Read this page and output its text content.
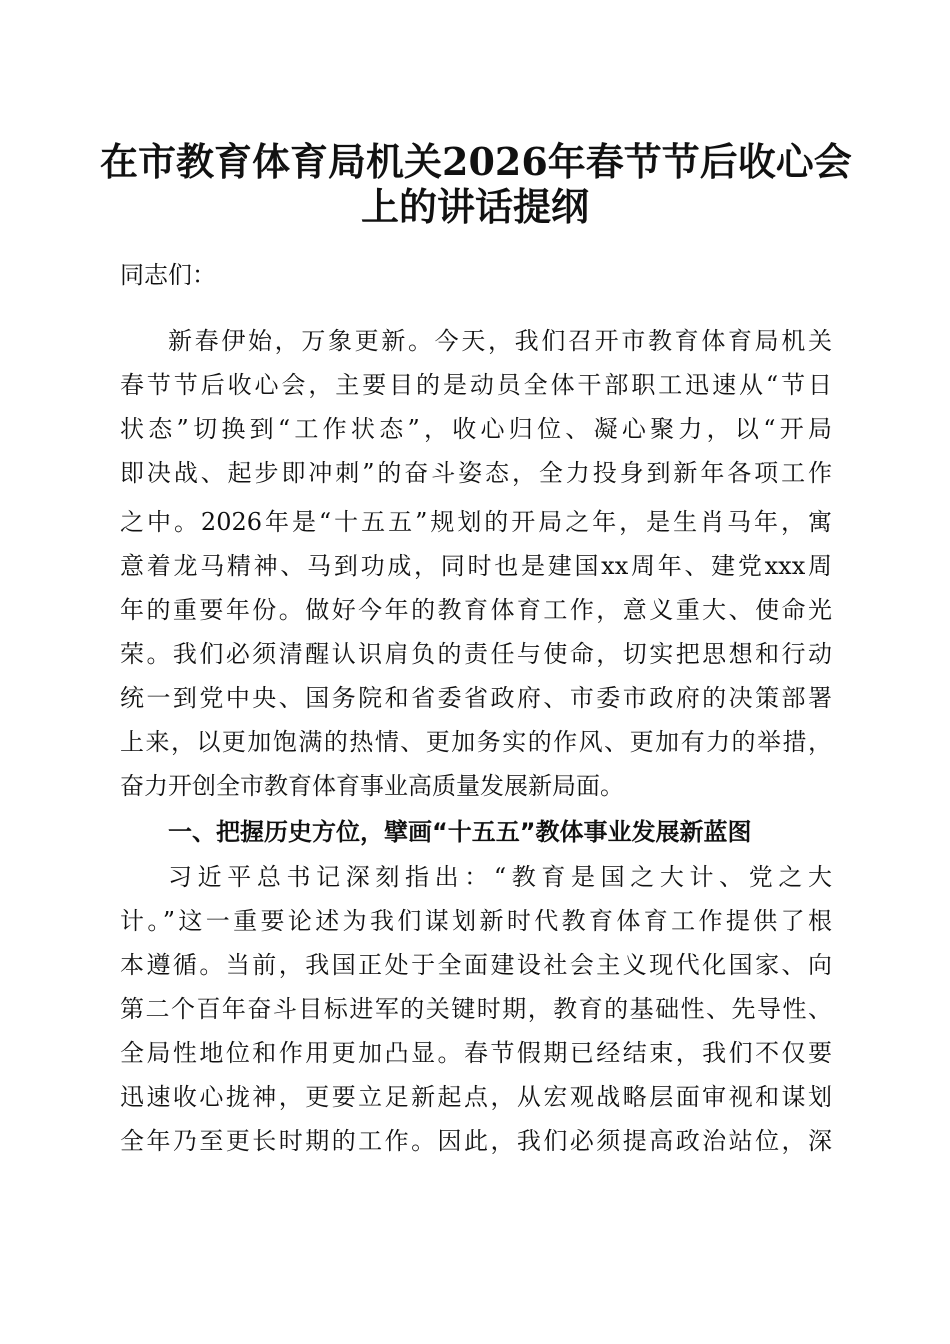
在市教育体育局机关2026年春节节后收心会
上的讲话提纲

同志们：

新春伊始，万象更新。今天，我们召开市教育体育局机关

春节节后收心会，主要目的是动员全体干部职工迅速从“节日

状态”切换到“工作状态”，收心归位、凝心聚力，以“开局

即决战、起步即冲刺”的奋斗姿态，全力投身到新年各项工作

之中。2026年是“十五五”规划的开局之年，是生肖马年，寓

意着龙马精神、马到功成，同时也是建国xx周年、建党xxx周

年的重要年份。做好今年的教育体育工作，意义重大、使命光

荣。我们必须清醒认识肩负的责任与使命，切实把思想和行动

统一到党中央、国务院和省委省政府、市委市政府的决策部署

上来，以更加饱满的热情、更加务实的作风、更加有力的举措，

奋力开创全市教育体育事业高质量发展新局面。

一、把握历史方位，擘画“十五五”教体事业发展新蓝图

习近平总书记深刻指出：“教育是国之大计、党之大

计。”这一重要论述为我们谋划新时代教育体育工作提供了根

本遵循。当前，我国正处于全面建设社会主义现代化国家、向

第二个百年奋斗目标进军的关键时期，教育的基础性、先导性、

全局性地位和作用更加凸显。春节假期已经结束，我们不仅要

迅速收心拢神，更要立足新起点，从宏观战略层面审视和谋划

全年乃至更长时期的工作。因此，我们必须提高政治站位，深
